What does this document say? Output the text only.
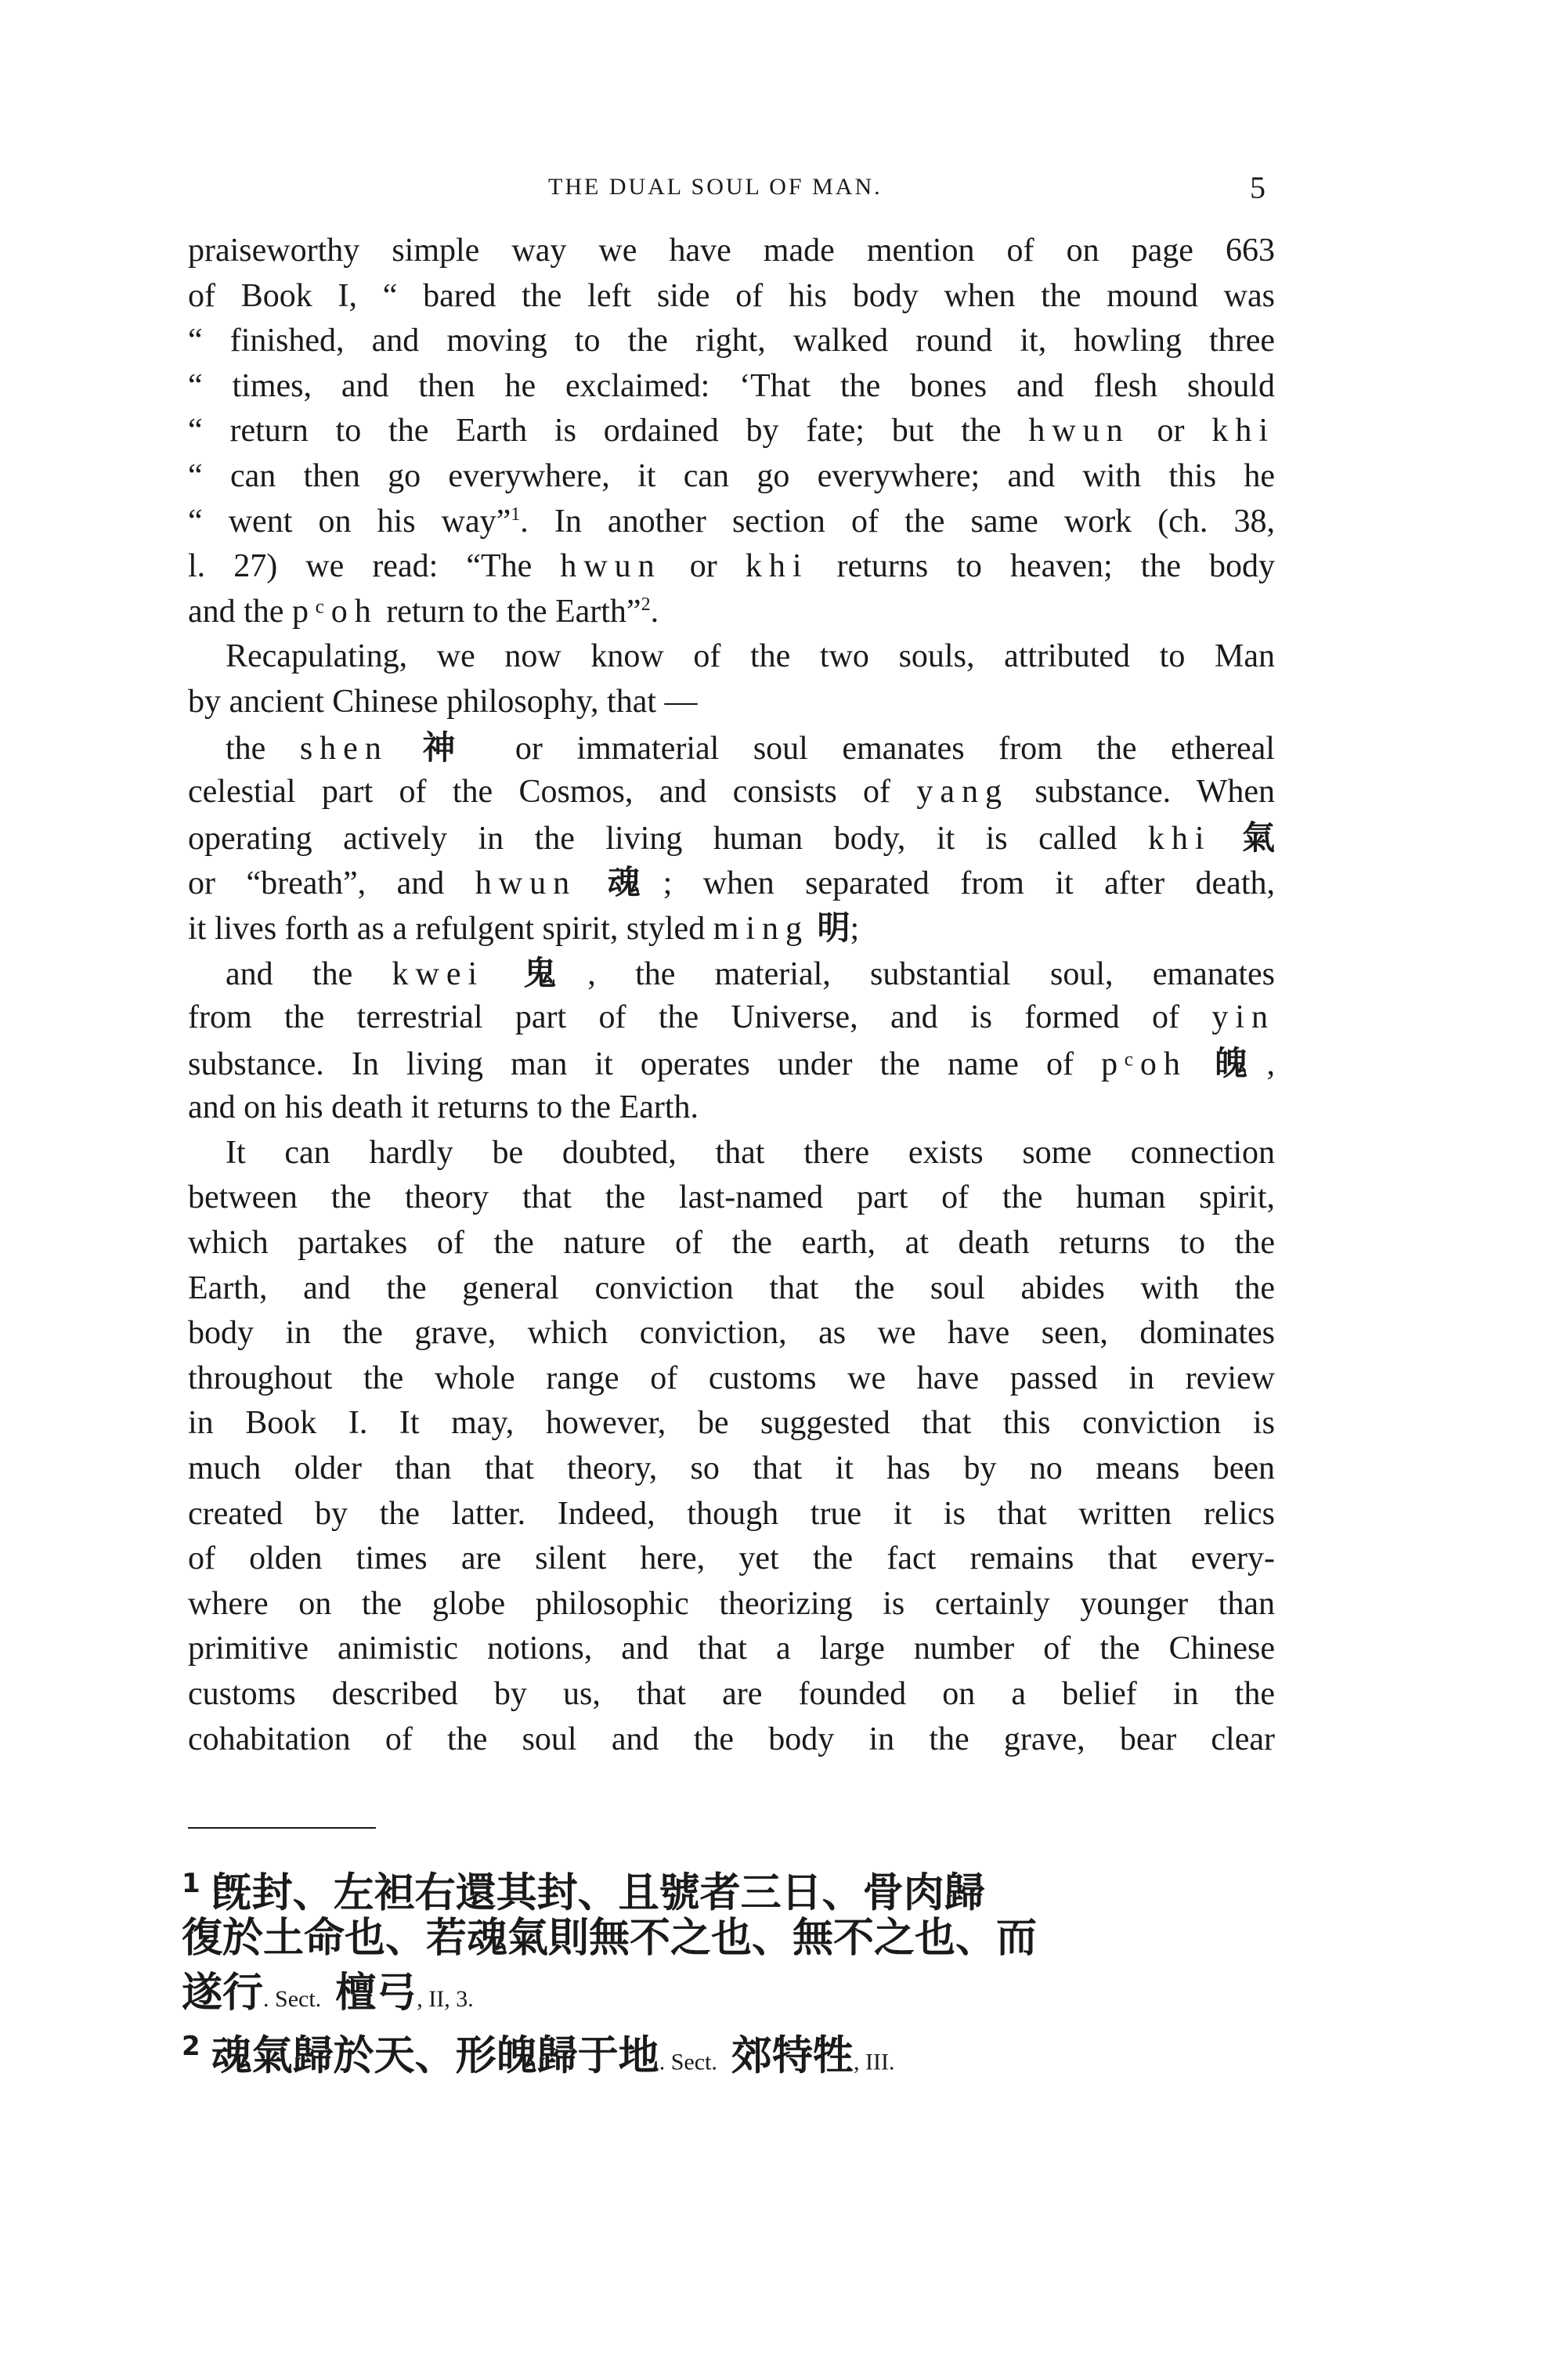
THE DUAL SOUL OF MAN.	5
praiseworthy simple way we have made mention of on page 663
of Book I, “ bared the left side of his body when the mound was
“ finished, and moving to the right, walked round it, howling three
“ times, and then he exclaimed: ‘That the bones and flesh should
“ return to the Earth is ordained by fate; but the hwun or khi
“ can then go everywhere, it can go everywhere; and with this he
“ went on his way”$^1$. In another section of the same work (ch. 38,
l. 27) we read: “The hwun or khi returns to heaven; the body
and the pᶜoh return to the Earth”$^2$.
Recapulating, we now know of the two souls, attributed to Man
by ancient Chinese philosophy, that —
the shen 神 or immaterial soul emanates from the ethereal
celestial part of the Cosmos, and consists of yang substance. When
operating actively in the living human body, it is called khi 氣
or “breath”, and hwun 魂; when separated from it after death,
it lives forth as a refulgent spirit, styled ming 明;
and the kwei 鬼, the material, substantial soul, emanates
from the terrestrial part of the Universe, and is formed of yin
substance. In living man it operates under the name of pᶜoh 魄,
and on his death it returns to the Earth.
It can hardly be doubted, that there exists some connection
between the theory that the last-named part of the human spirit,
which partakes of the nature of the earth, at death returns to the
Earth, and the general conviction that the soul abides with the
body in the grave, which conviction, as we have seen, dominates
throughout the whole range of customs we have passed in review
in Book I. It may, however, be suggested that this conviction is
much older than that theory, so that it has by no means been
created by the latter. Indeed, though true it is that written relics
of olden times are silent here, yet the fact remains that every-
where on the globe philosophic theorizing is certainly younger than
primitive animistic notions, and that a large number of the Chinese
customs described by us, that are founded on a belief in the
cohabitation of the soul and the body in the grave, bear clear
$^1$ 旣封、左袒右還其封、且號者三日、骨肉歸
復於土命也、若魂氣則無不之也、無不之也、而
遂行. Sect. 檀弓, II, 3.
$^2$ 魂氣歸於天、形魄歸于地. Sect. 郊特牲, III.
